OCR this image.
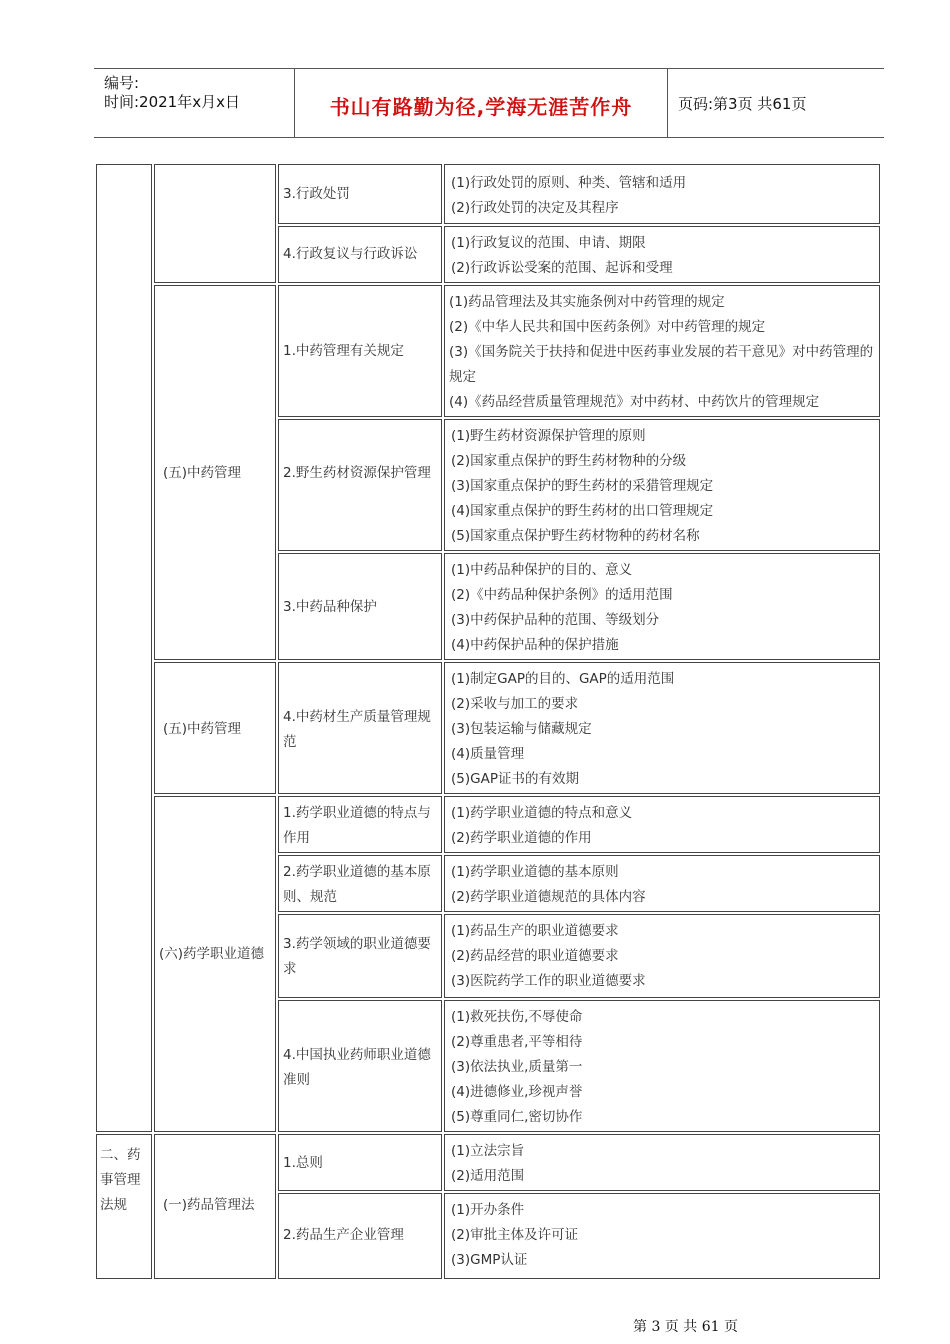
编号:
时间:2021年x月x日	书山有路勤为径,学海无涯苦作舟	页码:第3页 共61页
二、药事管理法规
(五)中药管理
(五)中药管理
(六)药学职业道德
(一)药品管理法
3.行政处罚
(1)行政处罚的原则、种类、管辖和适用
(2)行政处罚的决定及其程序
4.行政复议与行政诉讼
(1)行政复议的范围、申请、期限
(2)行政诉讼受案的范围、起诉和受理
1.中药管理有关规定
(1)药品管理法及其实施条例对中药管理的规定
(2)《中华人民共和国中医药条例》对中药管理的规定
(3)《国务院关于扶持和促进中医药事业发展的若干意见》对中药管理的规定
(4)《药品经营质量管理规范》对中药材、中药饮片的管理规定
2.野生药材资源保护管理
(1)野生药材资源保护管理的原则
(2)国家重点保护的野生药材物种的分级
(3)国家重点保护的野生药材的采猎管理规定
(4)国家重点保护的野生药材的出口管理规定
(5)国家重点保护野生药材物种的药材名称
3.中药品种保护
(1)中药品种保护的目的、意义
(2)《中药品种保护条例》的适用范围
(3)中药保护品种的范围、等级划分
(4)中药保护品种的保护措施
4.中药材生产质量管理规范
(1)制定GAP的目的、GAP的适用范围
(2)采收与加工的要求
(3)包装运输与储藏规定
(4)质量管理
(5)GAP证书的有效期
1.药学职业道德的特点与作用
(1)药学职业道德的特点和意义
(2)药学职业道德的作用
2.药学职业道德的基本原则、规范
(1)药学职业道德的基本原则
(2)药学职业道德规范的具体内容
3.药学领域的职业道德要求
(1)药品生产的职业道德要求
(2)药品经营的职业道德要求
(3)医院药学工作的职业道德要求
4.中国执业药师职业道德准则
(1)救死扶伤,不辱使命
(2)尊重患者,平等相待
(3)依法执业,质量第一
(4)进德修业,珍视声誉
(5)尊重同仁,密切协作
1.总则
(1)立法宗旨
(2)适用范围
2.药品生产企业管理
(1)开办条件
(2)审批主体及许可证
(3)GMP认证
第 3 页 共 61 页
